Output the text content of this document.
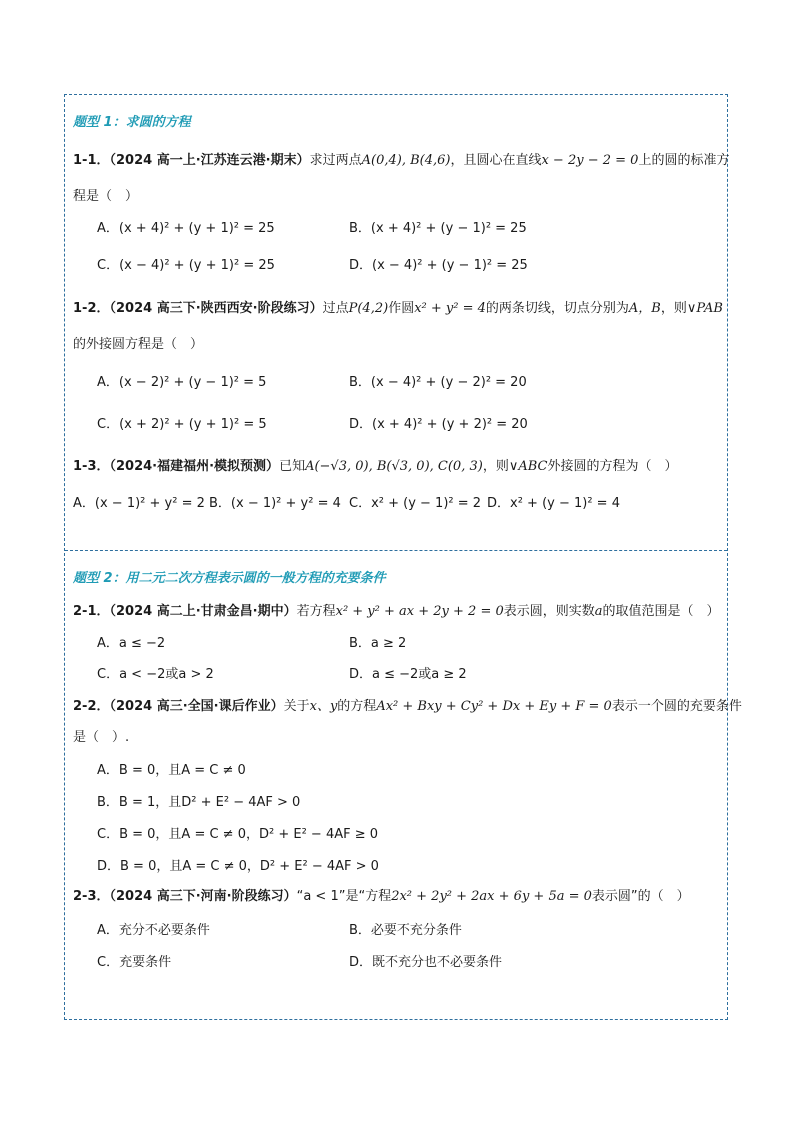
题型 1：求圆的方程
1-1．（2024 高一上·江苏连云港·期末）求过两点A(0,4), B(4,6)，且圆心在直线x − 2y − 2 = 0上的圆的标准方
程是（　）
A．(x + 4)² + (y + 1)² = 25	B．(x + 4)² + (y − 1)² = 25
C．(x − 4)² + (y + 1)² = 25	D．(x − 4)² + (y − 1)² = 25
1-2．（2024 高三下·陕西西安·阶段练习）过点P(4,2)作圆x² + y² = 4的两条切线，切点分别为A，B，则∨PAB
的外接圆方程是（　）
A．(x − 2)² + (y − 1)² = 5	B．(x − 4)² + (y − 2)² = 20
C．(x + 2)² + (y + 1)² = 5	D．(x + 4)² + (y + 2)² = 20
1-3．（2024·福建福州·模拟预测）已知A(−√3, 0), B(√3, 0), C(0, 3)，则∨ABC外接圆的方程为（　）
A．(x − 1)² + y² = 2 B．(x − 1)² + y² = 4 C．x² + (y − 1)² = 2 D．x² + (y − 1)² = 4
题型 2：用二元二次方程表示圆的一般方程的充要条件
2-1．（2024 高二上·甘肃金昌·期中）若方程x² + y² + ax + 2y + 2 = 0表示圆，则实数a的取值范围是（　）
A．a ≤ −2	B．a ≥ 2
C．a < −2或a > 2	D．a ≤ −2或a ≥ 2
2-2．（2024 高三·全国·课后作业）关于x、y的方程Ax² + Bxy + Cy² + Dx + Ey + F = 0表示一个圆的充要条件
是（　）.
A．B = 0，且A = C ≠ 0
B．B = 1，且D² + E² − 4AF > 0
C．B = 0，且A = C ≠ 0，D² + E² − 4AF ≥ 0
D．B = 0，且A = C ≠ 0，D² + E² − 4AF > 0
2-3．（2024 高三下·河南·阶段练习）“a < 1”是“方程2x² + 2y² + 2ax + 6y + 5a = 0表示圆”的（　）
A．充分不必要条件	B．必要不充分条件
C．充要条件	D．既不充分也不必要条件
